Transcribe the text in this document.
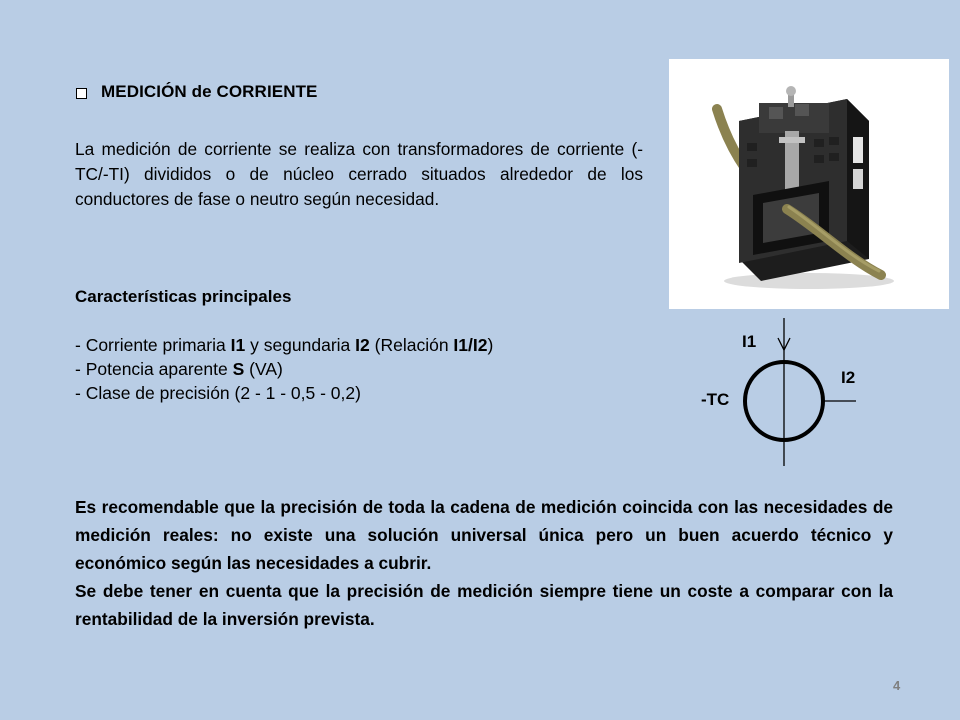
MEDICIÓN de CORRIENTE
La medición de corriente se realiza con transformadores de corriente (-TC/-TI) divididos o de núcleo cerrado situados alrededor de los conductores de fase o neutro según necesidad.
Características principales
- Corriente primaria I1 y segundaria I2 (Relación I1/I2)
- Potencia aparente S (VA)
- Clase de precisión (2 - 1 - 0,5 - 0,2)
I1
I2
-TC
Es recomendable que la precisión de toda la cadena de medición coincida con las necesidades de medición reales: no existe una solución universal única pero un buen acuerdo técnico y económico según las necesidades a cubrir.
Se debe tener en cuenta que la precisión de medición siempre tiene un coste a comparar con la rentabilidad de la inversión prevista.
4
